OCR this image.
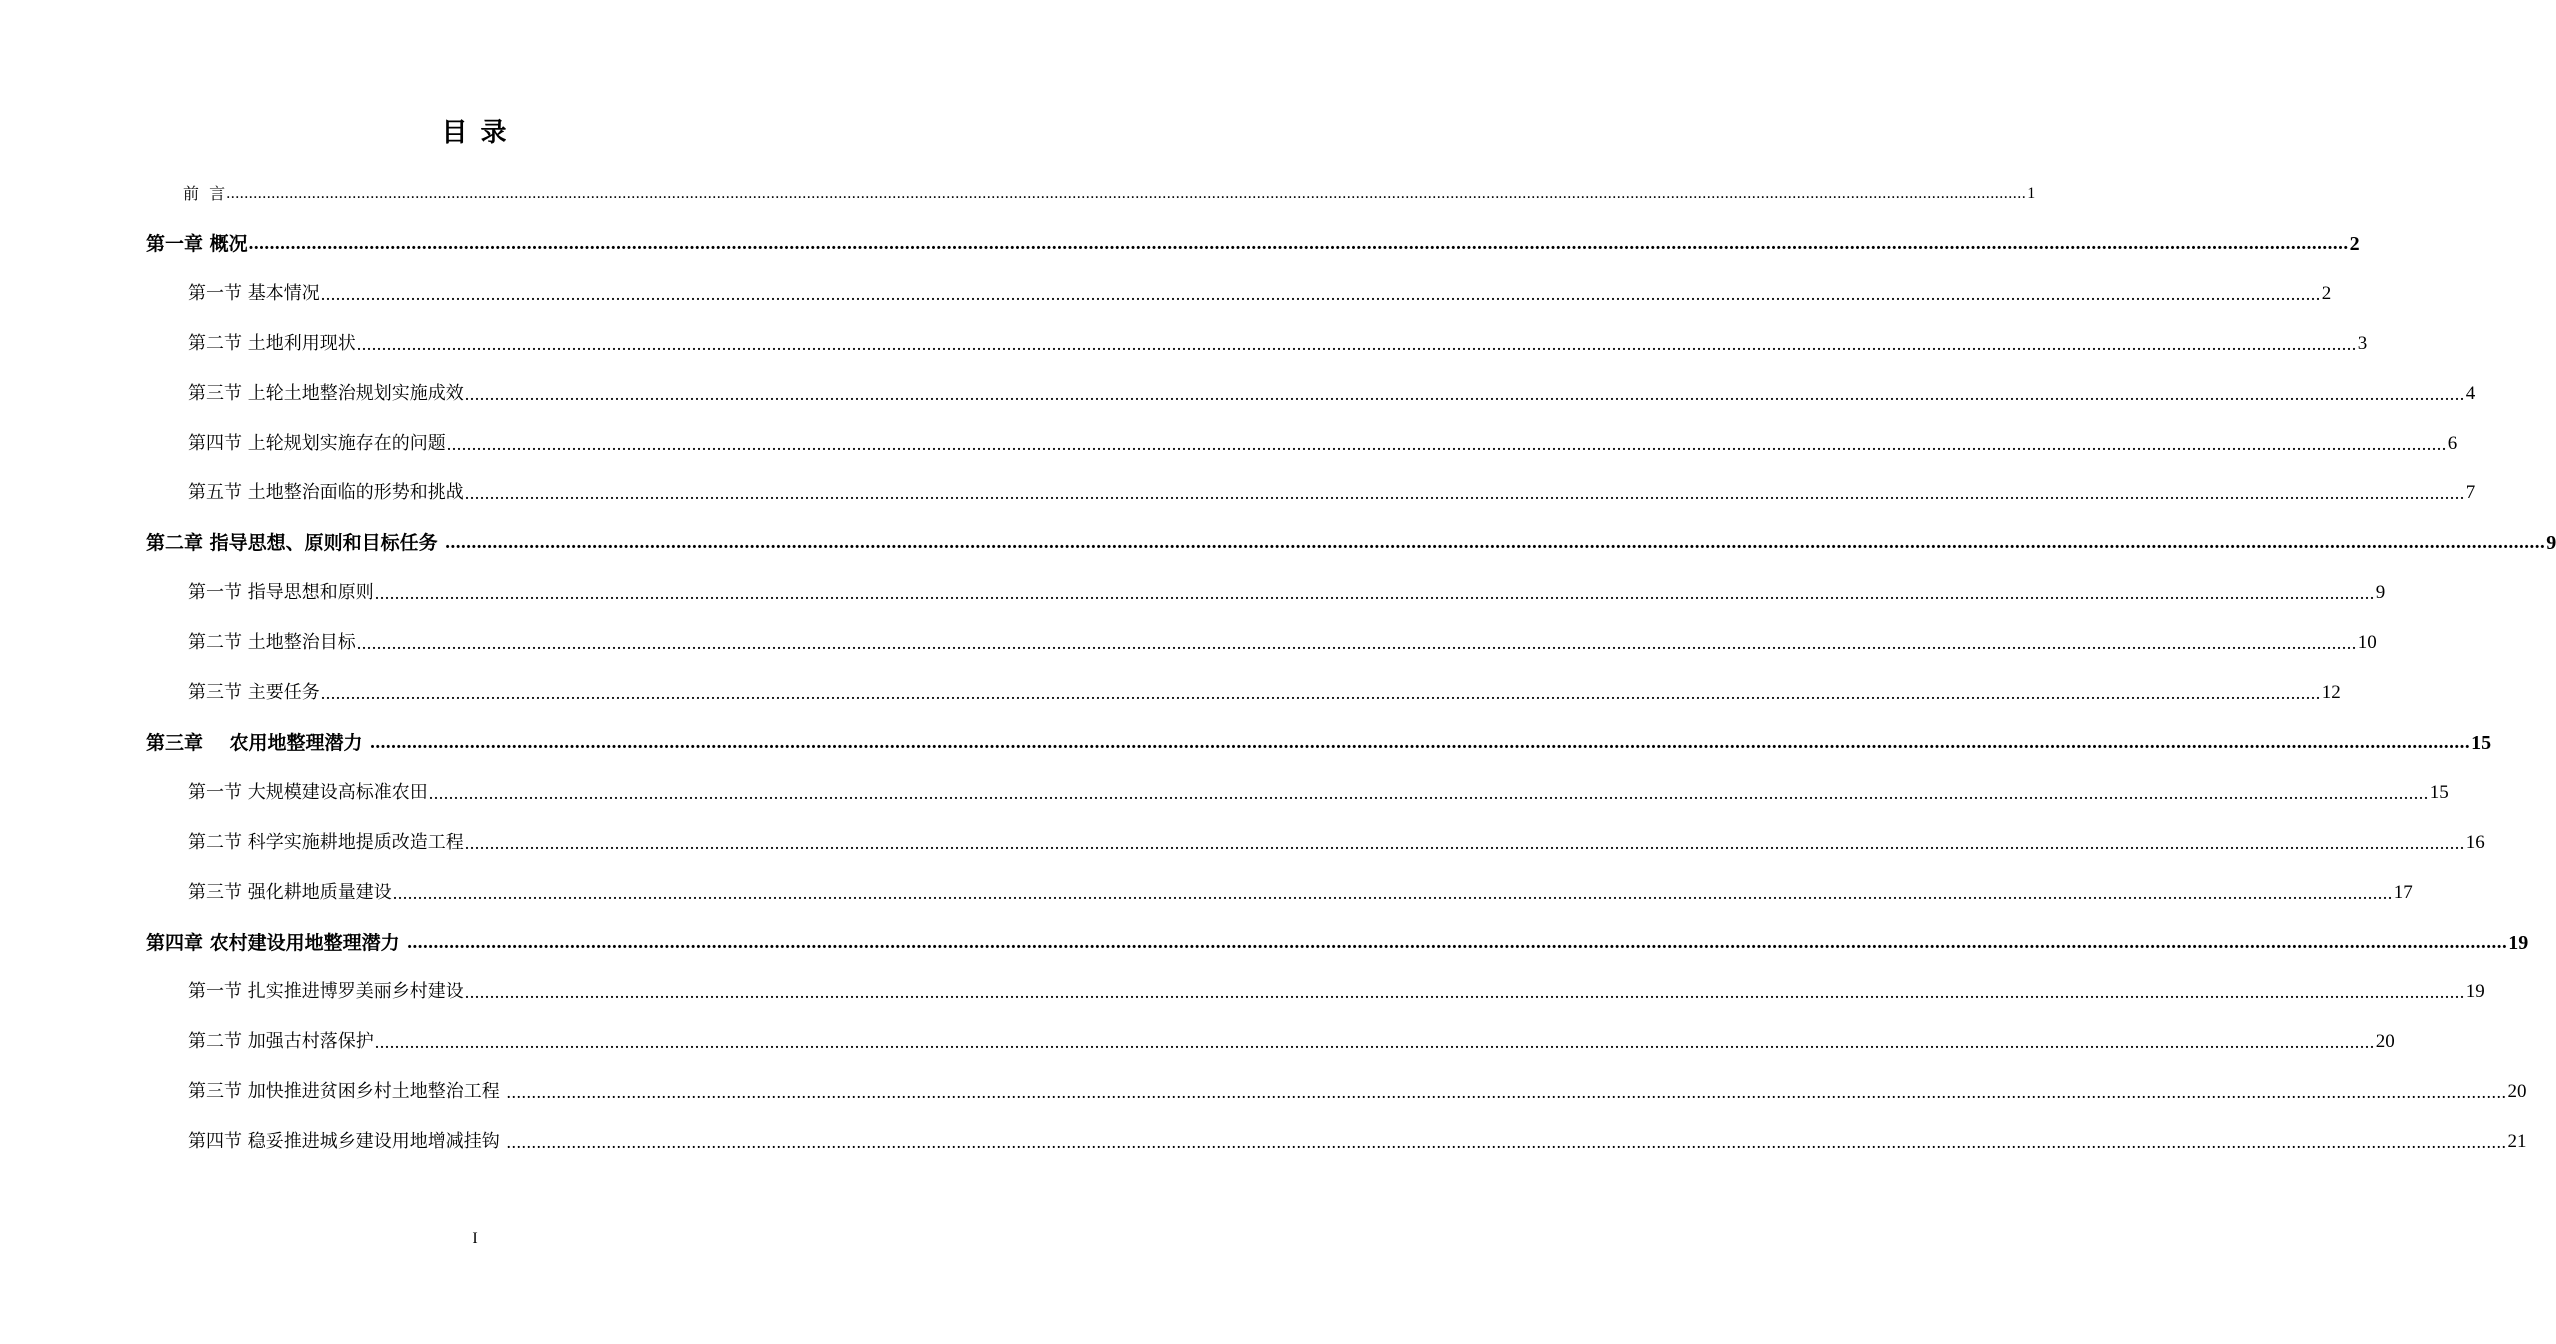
目 录
前  言 ................................................................................................................................................................................................................................................................................................................................................................................................................ 1
第一章 概况 ................................................................................................................................................................................................................................................................................................................................................................................................................ 2
第一节 基本情况 ................................................................................................................................................................................................................................................................................................................................................................................................................ 2
第二节 土地利用现状 ................................................................................................................................................................................................................................................................................................................................................................................................................ 3
第三节 上轮土地整治规划实施成效 ................................................................................................................................................................................................................................................................................................................................................................................................................ 4
第四节 上轮规划实施存在的问题 ................................................................................................................................................................................................................................................................................................................................................................................................................ 6
第五节 土地整治面临的形势和挑战 ................................................................................................................................................................................................................................................................................................................................................................................................................ 7
第二章 指导思想、原则和目标任务 ................................................................................................................................................................................................................................................................................................................................................................................................................ 9
第一节 指导思想和原则 ................................................................................................................................................................................................................................................................................................................................................................................................................ 9
第二节 土地整治目标 ................................................................................................................................................................................................................................................................................................................................................................................................................ 10
第三节 主要任务 ................................................................................................................................................................................................................................................................................................................................................................................................................ 12
第三章    农用地整理潜力 ................................................................................................................................................................................................................................................................................................................................................................................................................ 15
第一节 大规模建设高标准农田 ................................................................................................................................................................................................................................................................................................................................................................................................................ 15
第二节 科学实施耕地提质改造工程 ................................................................................................................................................................................................................................................................................................................................................................................................................ 16
第三节 强化耕地质量建设 ................................................................................................................................................................................................................................................................................................................................................................................................................ 17
第四章 农村建设用地整理潜力 ................................................................................................................................................................................................................................................................................................................................................................................................................ 19
第一节 扎实推进博罗美丽乡村建设 ................................................................................................................................................................................................................................................................................................................................................................................................................ 19
第二节 加强古村落保护 ................................................................................................................................................................................................................................................................................................................................................................................................................ 20
第三节 加快推进贫困乡村土地整治工程 ................................................................................................................................................................................................................................................................................................................................................................................................................ 20
第四节 稳妥推进城乡建设用地增减挂钩 ................................................................................................................................................................................................................................................................................................................................................................................................................ 21
I
